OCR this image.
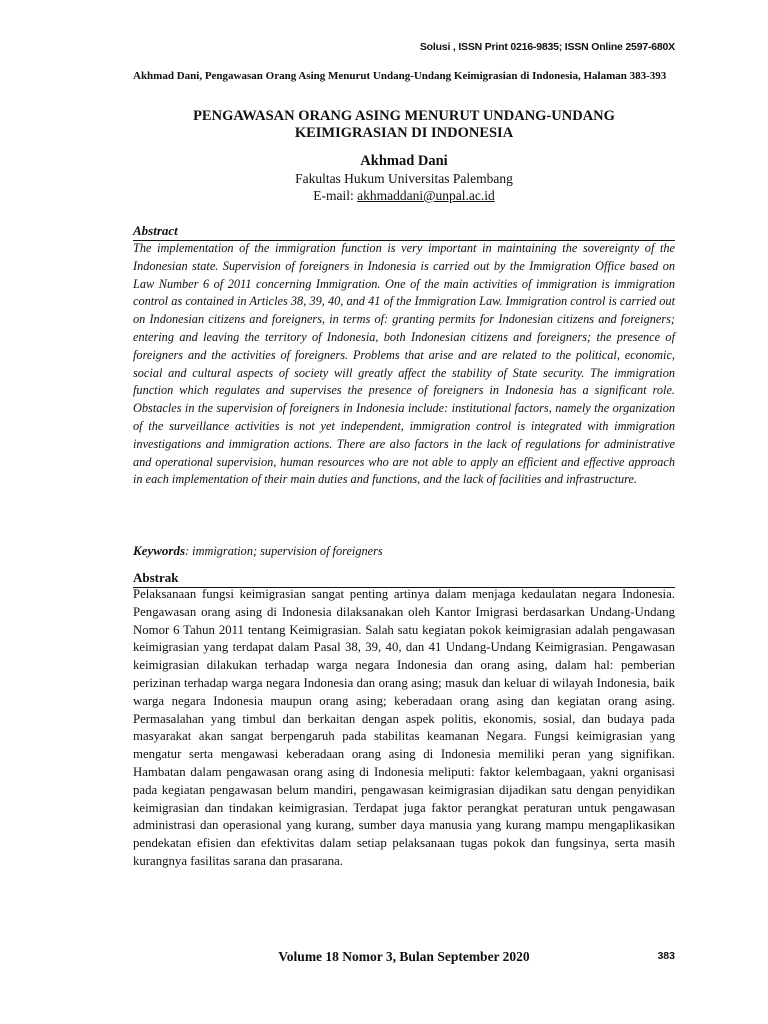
Solusi , ISSN Print 0216-9835; ISSN Online 2597-680X
Akhmad Dani, Pengawasan Orang Asing Menurut Undang-Undang Keimigrasian di Indonesia, Halaman 383-393
PENGAWASAN ORANG ASING MENURUT UNDANG-UNDANG
KEIMIGRASIAN DI INDONESIA
Akhmad Dani
Fakultas Hukum Universitas Palembang
E-mail: akhmaddani@unpal.ac.id
Abstract

The implementation of the immigration function is very important in maintaining the sovereignty of the Indonesian state. Supervision of foreigners in Indonesia is carried out by the Immigration Office based on Law Number 6 of 2011 concerning Immigration. One of the main activities of immigration is immigration control as contained in Articles 38, 39, 40, and 41 of the Immigration Law. Immigration control is carried out on Indonesian citizens and foreigners, in terms of: granting permits for Indonesian citizens and foreigners; entering and leaving the territory of Indonesia, both Indonesian citizens and foreigners; the presence of foreigners and the activities of foreigners. Problems that arise and are related to the political, economic, social and cultural aspects of society will greatly affect the stability of State security. The immigration function which regulates and supervises the presence of foreigners in Indonesia has a significant role. Obstacles in the supervision of foreigners in Indonesia include: institutional factors, namely the organization of the surveillance activities is not yet independent, immigration control is integrated with immigration investigations and immigration actions. There are also factors in the lack of regulations for administrative and operational supervision, human resources who are not able to apply an efficient and effective approach in each implementation of their main duties and functions, and the lack of facilities and infrastructure.

Keywords: immigration; supervision of foreigners
Abstrak

Pelaksanaan fungsi keimigrasian sangat penting artinya dalam menjaga kedaulatan negara Indonesia. Pengawasan orang asing di Indonesia dilaksanakan oleh Kantor Imigrasi berdasarkan Undang-Undang Nomor 6 Tahun 2011 tentang Keimigrasian. Salah satu kegiatan pokok keimigrasian adalah pengawasan keimigrasian yang terdapat dalam Pasal 38, 39, 40, dan 41 Undang-Undang Keimigrasian. Pengawasan keimigrasian dilakukan terhadap warga negara Indonesia dan orang asing, dalam hal: pemberian perizinan terhadap warga negara Indonesia dan orang asing; masuk dan keluar di wilayah Indonesia, baik warga negara Indonesia maupun orang asing; keberadaan orang asing dan kegiatan orang asing. Permasalahan yang timbul dan berkaitan dengan aspek politis, ekonomis, sosial, dan budaya pada masyarakat akan sangat berpengaruh pada stabilitas keamanan Negara. Fungsi keimigrasian yang mengatur serta mengawasi keberadaan orang asing di Indonesia memiliki peran yang signifikan. Hambatan dalam pengawasan orang asing di Indonesia meliputi: faktor kelembagaan, yakni organisasi pada kegiatan pengawasan belum mandiri, pengawasan keimigrasian dijadikan satu dengan penyidikan keimigrasian dan tindakan keimigrasian. Terdapat juga faktor perangkat peraturan untuk pengawasan administrasi dan operasional yang kurang, sumber daya manusia yang kurang mampu mengaplikasikan pendekatan efisien dan efektivitas dalam setiap pelaksanaan tugas pokok dan fungsinya, serta masih kurangnya fasilitas sarana dan prasarana.

Volume 18 Nomor 3, Bulan September 2020	383
